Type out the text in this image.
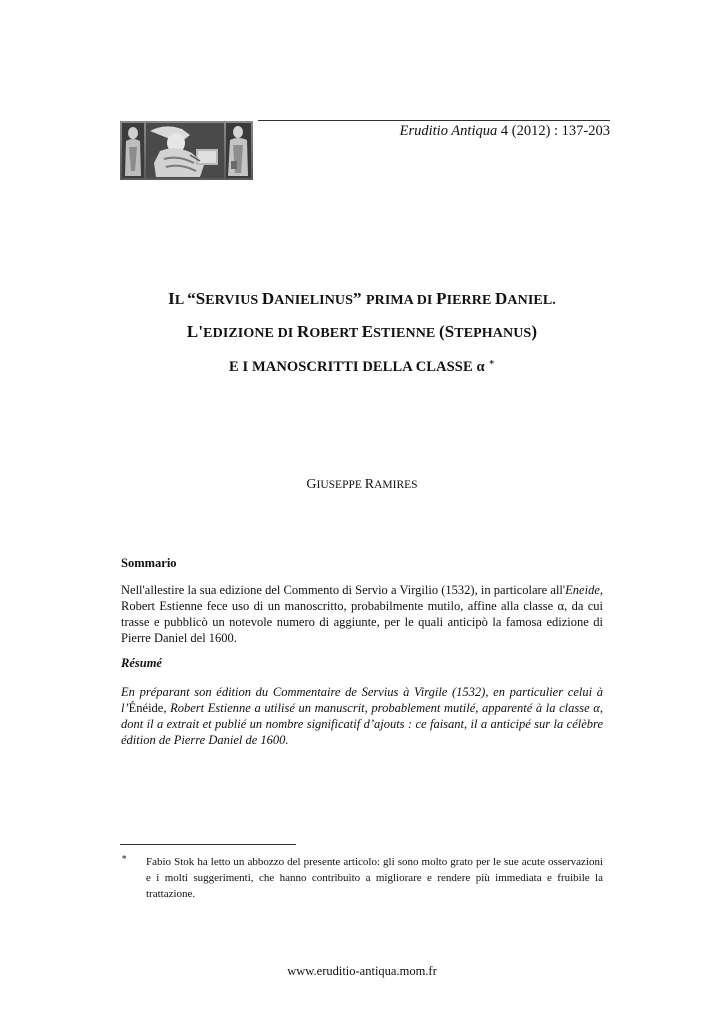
Eruditio Antiqua 4 (2012) : 137-203
IL “SERVIUS DANIELINUS” PRIMA DI PIERRE DANIEL.
L'EDIZIONE DI ROBERT ESTIENNE (STEPHANUS)
E I MANOSCRITTI DELLA CLASSE α ∗
GIUSEPPE RAMIRES
Sommario
Nell'allestire la sua edizione del Commento di Servio a Virgilio (1532), in particolare all'Eneide, Robert Estienne fece uso di un manoscritto, probabilmente mutilo, affine alla classe α, da cui trasse e pubblicò un notevole numero di aggiunte, per le quali anticipò la famosa edizione di Pierre Daniel del 1600.
Résumé
En préparant son édition du Commentaire de Servius à Virgile (1532), en particulier celui à l’Énéide, Robert Estienne a utilisé un manuscrit, probablement mutilé, apparenté à la classe α, dont il a extrait et publié un nombre significatif d’ajouts : ce faisant, il a anticipé sur la célèbre édition de Pierre Daniel de 1600.
∗ Fabio Stok ha letto un abbozzo del presente articolo: gli sono molto grato per le sue acute osservazioni e i molti suggerimenti, che hanno contribuito a migliorare e rendere più immediata e fruibile la trattazione.
www.eruditio-antiqua.mom.fr
